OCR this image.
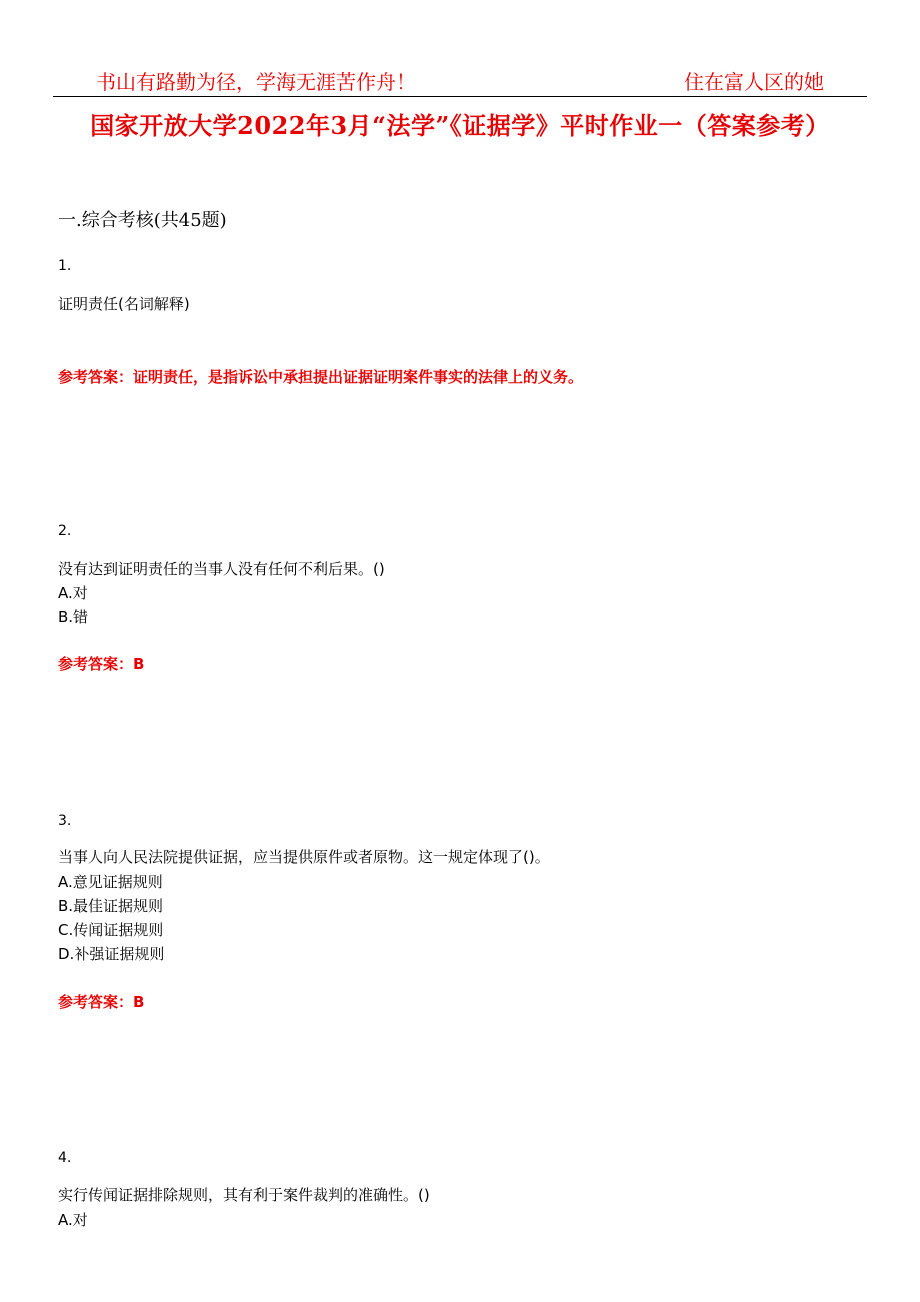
书山有路勤为径，学海无涯苦作舟！	住在富人区的她
国家开放大学2022年3月“法学”《证据学》平时作业一（答案参考）
一.综合考核(共45题)
1.
证明责任(名词解释)
参考答案：证明责任，是指诉讼中承担提出证据证明案件事实的法律上的义务。
2.
没有达到证明责任的当事人没有任何不利后果。()
A.对
B.错
参考答案：B
3.
当事人向人民法院提供证据，应当提供原件或者原物。这一规定体现了()。
A.意见证据规则
B.最佳证据规则
C.传闻证据规则
D.补强证据规则
参考答案：B
4.
实行传闻证据排除规则，其有利于案件裁判的准确性。()
A.对
